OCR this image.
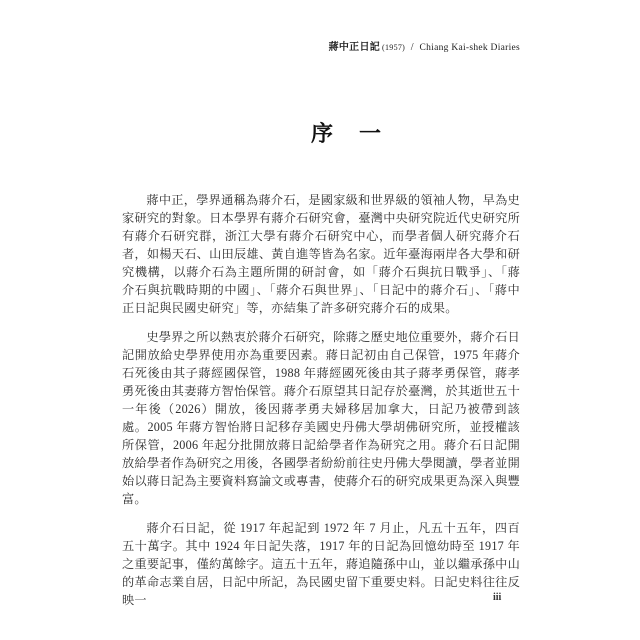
蔣中正日記 (1957) / Chiang Kai-shek Diaries
序　一

蔣中正，學界通稱為蔣介石，是國家級和世界級的領袖人物，早為史家研究的對象。日本學界有蔣介石研究會，臺灣中央研究院近代史研究所有蔣介石研究群，浙江大學有蔣介石研究中心，而學者個人研究蔣介石者，如楊天石、山田辰雄、黃自進等皆為名家。近年臺海兩岸各大學和研究機構，以蔣介石為主題所開的研討會，如「蔣介石與抗日戰爭」、「蔣介石與抗戰時期的中國」、「蔣介石與世界」、「日記中的蔣介石」、「蔣中正日記與民國史研究」等，亦結集了許多研究蔣介石的成果。

史學界之所以熱衷於蔣介石研究，除蔣之歷史地位重要外，蔣介石日記開放給史學界使用亦為重要因素。蔣日記初由自己保管，1975 年蔣介石死後由其子蔣經國保管，1988 年蔣經國死後由其子蔣孝勇保管，蔣孝勇死後由其妻蔣方智怡保管。蔣介石原望其日記存於臺灣，於其逝世五十一年後（2026）開放，後因蔣孝勇夫婦移居加拿大，日記乃被帶到該處。2005 年蔣方智怡將日記移存美國史丹佛大學胡佛研究所，並授權該所保管，2006 年起分批開放蔣日記給學者作為研究之用。蔣介石日記開放給學者作為研究之用後，各國學者紛紛前往史丹佛大學閱讀，學者並開始以蔣日記為主要資料寫論文或專書，使蔣介石的研究成果更為深入與豐富。

蔣介石日記，從 1917 年起記到 1972 年 7 月止，凡五十五年，四百五十萬字。其中 1924 年日記失落，1917 年的日記為回憶幼時至 1917 年之重要記事，僅約萬餘字。這五十五年，蔣追隨孫中山，並以繼承孫中山的革命志業自居，日記中所記，為民國史留下重要史料。日記史料往往反映一	iii
